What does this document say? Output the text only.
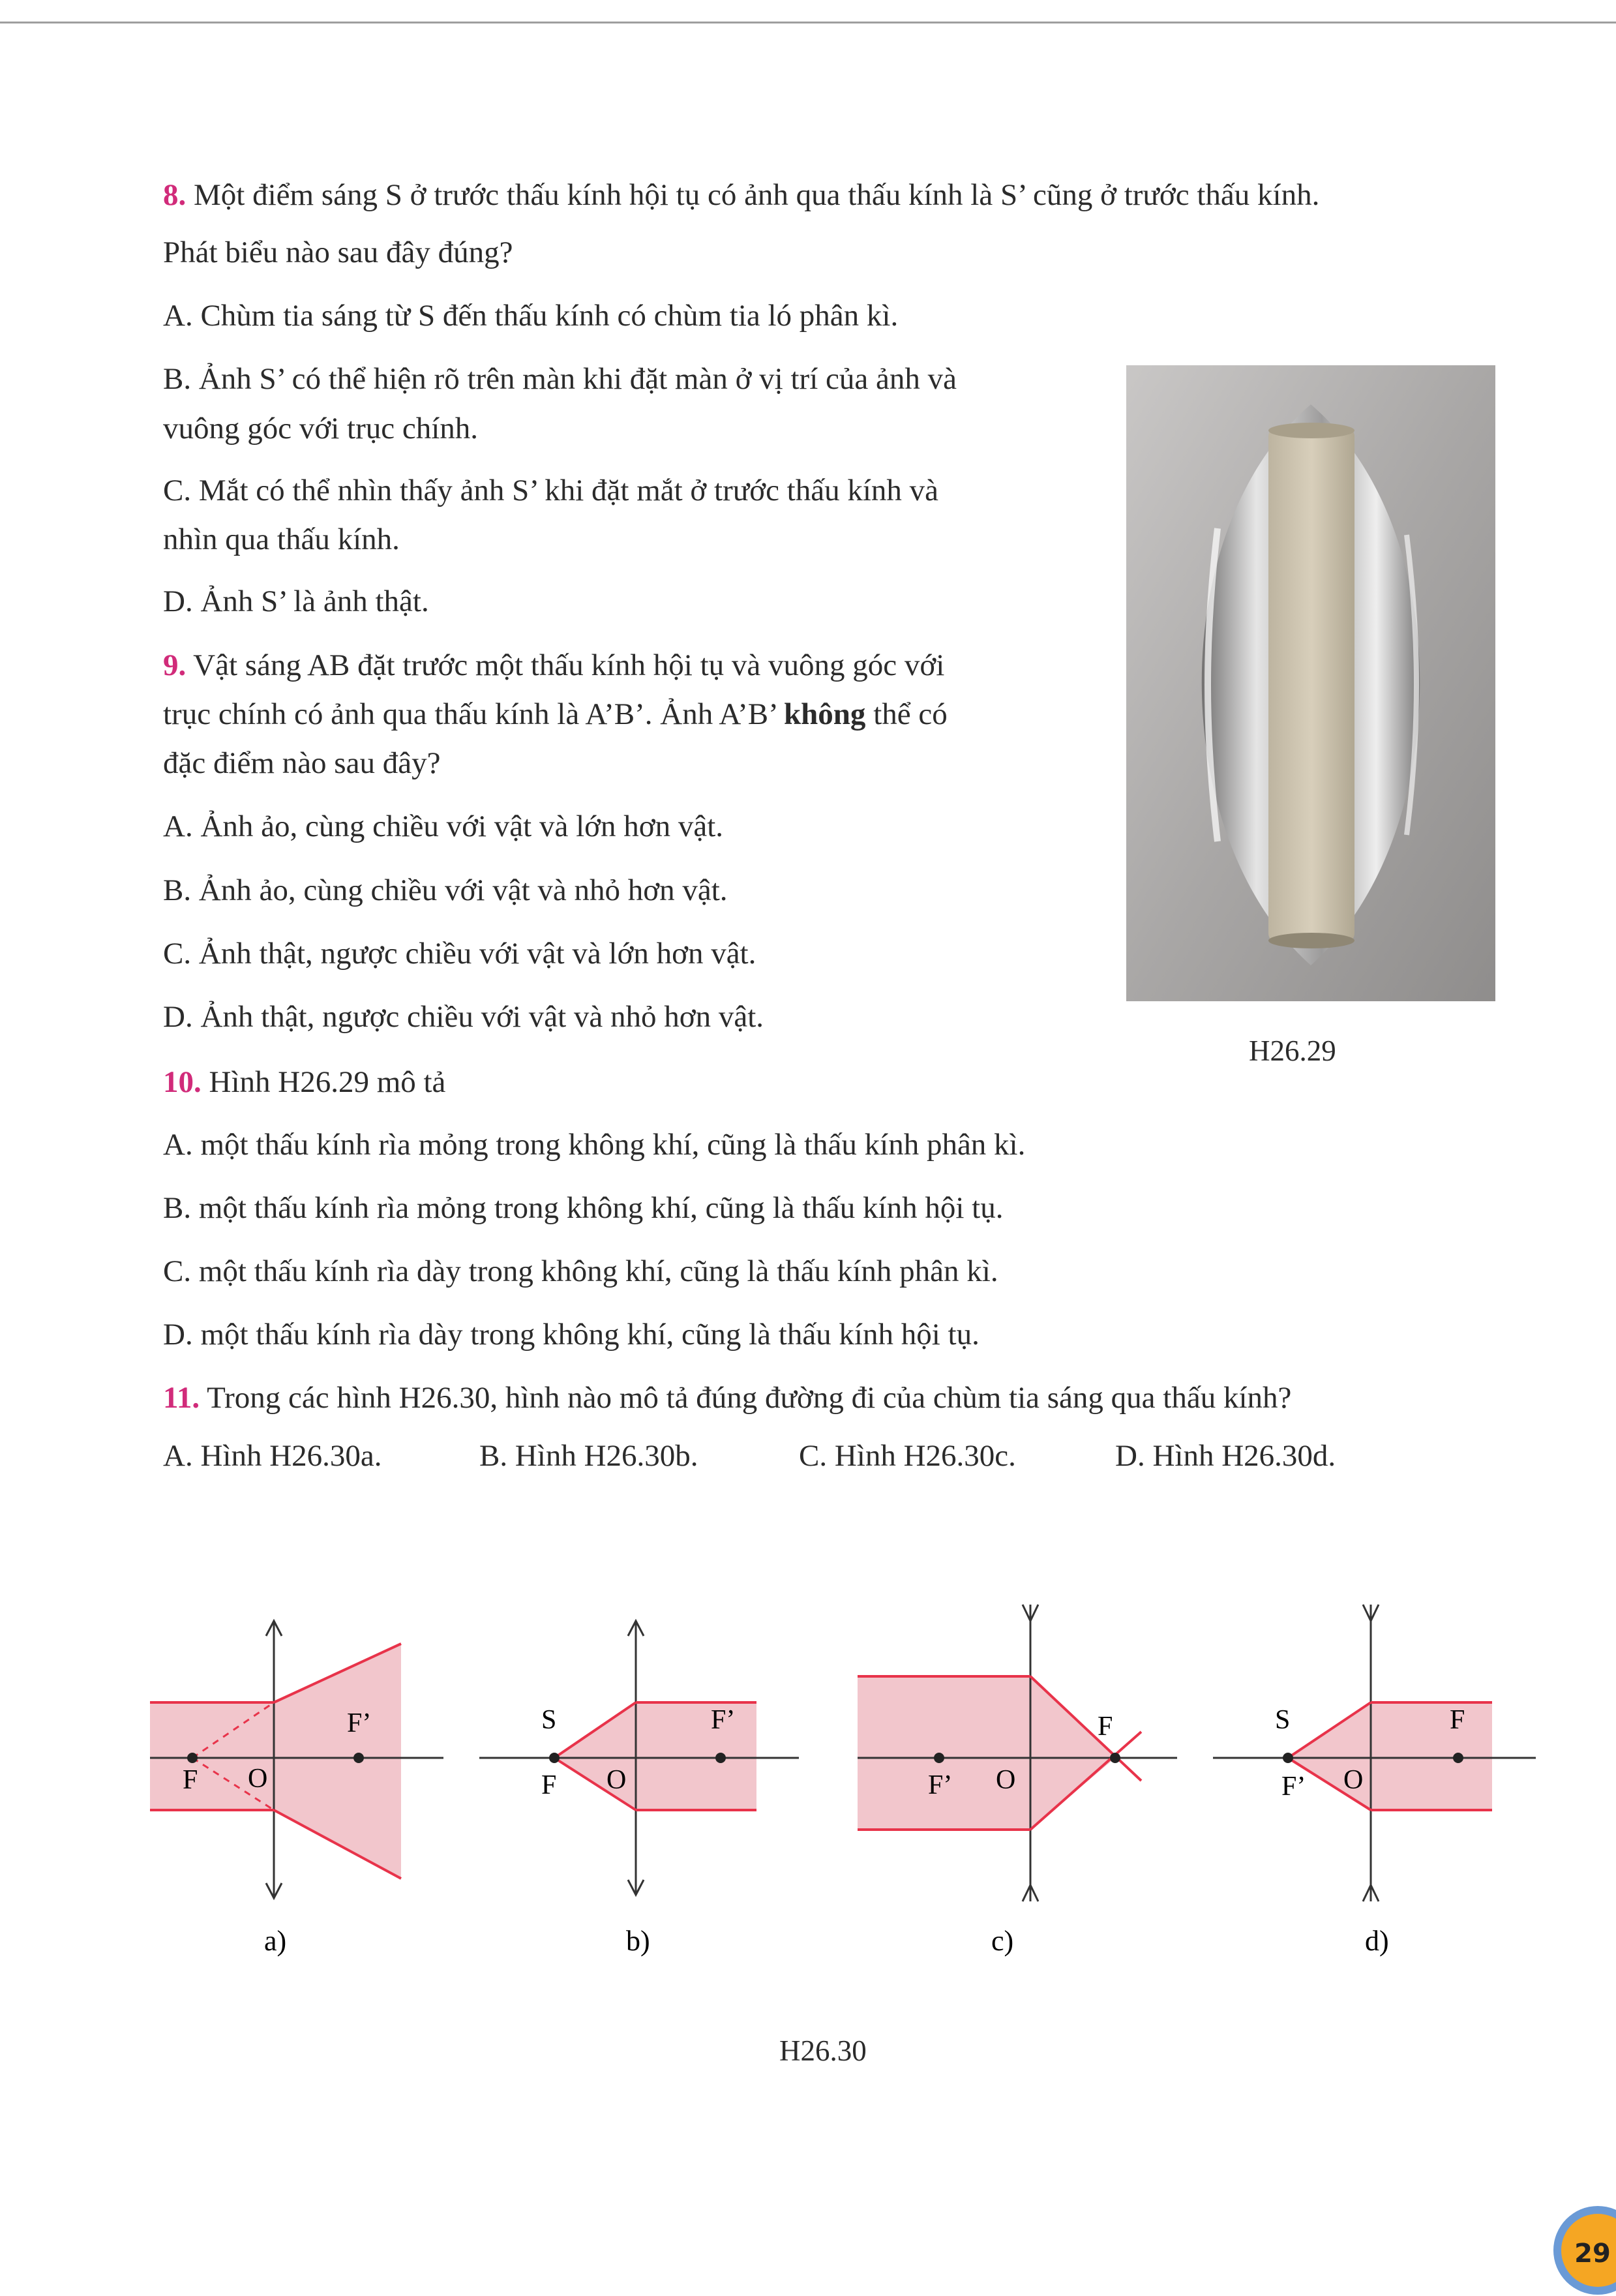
8. Một điểm sáng S ở trước thấu kính hội tụ có ảnh qua thấu kính là S’ cũng ở trước thấu kính.

Phát biểu nào sau đây đúng?

A. Chùm tia sáng từ S đến thấu kính có chùm tia ló phân kì.

B. Ảnh S’ có thể hiện rõ trên màn khi đặt màn ở vị trí của ảnh và

vuông góc với trục chính.

C. Mắt có thể nhìn thấy ảnh S’ khi đặt mắt ở trước thấu kính và

nhìn qua thấu kính.

D. Ảnh S’ là ảnh thật.

9. Vật sáng AB đặt trước một thấu kính hội tụ và vuông góc với

trục chính có ảnh qua thấu kính là A’B’. Ảnh A’B’ không thể có

đặc điểm nào sau đây?

A. Ảnh ảo, cùng chiều với vật và lớn hơn vật.

B. Ảnh ảo, cùng chiều với vật và nhỏ hơn vật.

C. Ảnh thật, ngược chiều với vật và lớn hơn vật.

D. Ảnh thật, ngược chiều với vật và nhỏ hơn vật.

H26.29

10. Hình H26.29 mô tả

A. một thấu kính rìa mỏng trong không khí, cũng là thấu kính phân kì.

B. một thấu kính rìa mỏng trong không khí, cũng là thấu kính hội tụ.

C. một thấu kính rìa dày trong không khí, cũng là thấu kính phân kì.

D. một thấu kính rìa dày trong không khí, cũng là thấu kính hội tụ.

11. Trong các hình H26.30, hình nào mô tả đúng đường đi của chùm tia sáng qua thấu kính?

A. Hình H26.30a.	B. Hình H26.30b.	C. Hình H26.30c.	D. Hình H26.30d.
F’
F O
a)
S	F’
F O
b)
F
F’ O
c)
S	F
F’ O
d)
H26.30
29
